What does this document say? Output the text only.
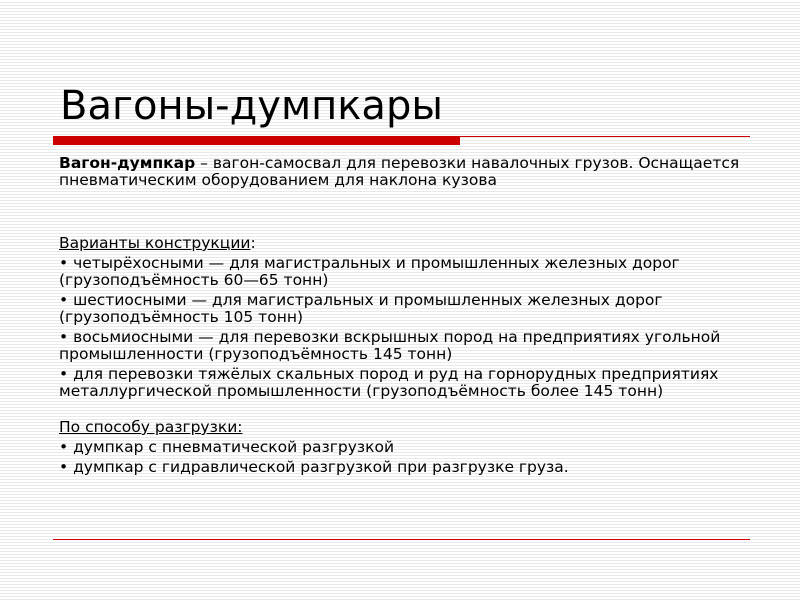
Вагоны-думпкары

Вагон-думпкар – вагон-самосвал для перевозки навалочных грузов. Оснащается пневматическим оборудованием для наклона кузова

Варианты конструкции:

• четырёхосными — для магистральных и промышленных железных дорог (грузоподъёмность 60—65 тонн)

• шестиосными — для магистральных и промышленных железных дорог (грузоподъёмность 105 тонн)

• восьмиосными — для перевозки вскрышных пород на предприятиях угольной промышленности (грузоподъёмность 145 тонн)

• для перевозки тяжёлых скальных пород и руд на горнорудных предприятиях металлургической промышленности (грузоподъёмность более 145 тонн)

По способу разгрузки:

• думпкар с пневматической разгрузкой

• думпкар с гидравлической разгрузкой при разгрузке груза.
